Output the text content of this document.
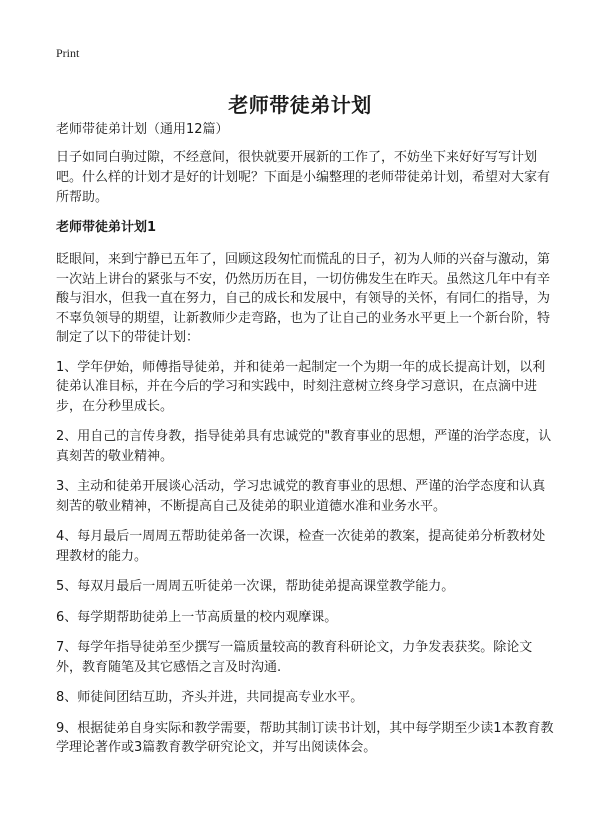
Print
老师带徒弟计划

老师带徒弟计划（通用12篇）

日子如同白驹过隙，不经意间，很快就要开展新的工作了，不妨坐下来好好写写计划吧。什么样的计划才是好的计划呢？下面是小编整理的老师带徒弟计划，希望对大家有所帮助。

老师带徒弟计划1

眨眼间，来到宁静已五年了，回顾这段匆忙而慌乱的日子，初为人师的兴奋与激动，第一次站上讲台的紧张与不安，仍然历历在目，一切仿佛发生在昨天。虽然这几年中有辛酸与泪水，但我一直在努力，自己的成长和发展中，有领导的关怀，有同仁的指导，为不辜负领导的期望，让新教师少走弯路，也为了让自己的业务水平更上一个新台阶，特制定了以下的带徒计划：

1、学年伊始，师傅指导徒弟，并和徒弟一起制定一个为期一年的成长提高计划，以利徒弟认准目标，并在今后的学习和实践中，时刻注意树立终身学习意识，在点滴中进步，在分秒里成长。

2、用自己的言传身教，指导徒弟具有忠诚党的"教育事业的思想，严谨的治学态度，认真刻苦的敬业精神。

3、主动和徒弟开展谈心活动，学习忠诚党的教育事业的思想、严谨的治学态度和认真刻苦的敬业精神，不断提高自己及徒弟的职业道德水准和业务水平。

4、每月最后一周周五帮助徒弟备一次课，检查一次徒弟的教案，提高徒弟分析教材处理教材的能力。

5、每双月最后一周周五听徒弟一次课，帮助徒弟提高课堂教学能力。

6、每学期帮助徒弟上一节高质量的校内观摩课。

7、每学年指导徒弟至少撰写一篇质量较高的教育科研论文，力争发表获奖。除论文外，教育随笔及其它感悟之言及时沟通.

8、师徒间团结互助，齐头并进，共同提高专业水平。

9、根据徒弟自身实际和教学需要，帮助其制订读书计划，其中每学期至少读1本教育教学理论著作或3篇教育教学研究论文，并写出阅读体会。
